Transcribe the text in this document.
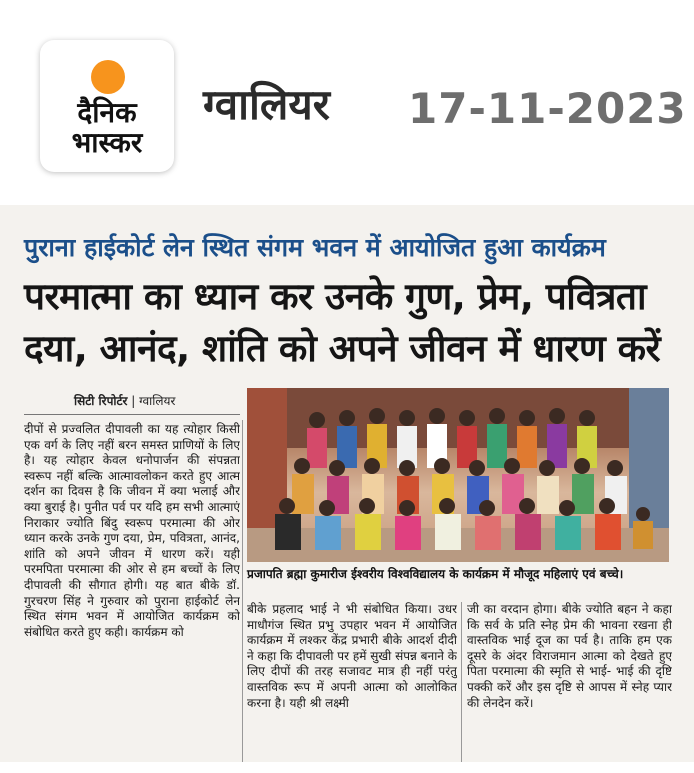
दैनिक
भास्कर
ग्वालियर 17-11-2023
पुराना हाईकोर्ट लेन स्थित संगम भवन में आयोजित हुआ कार्यक्रम
परमात्मा का ध्यान कर उनके गुण, प्रेम, पवित्रता
दया, आनंद, शांति को अपने जीवन में धारण करें
सिटी रिपोर्टर | ग्वालियर
दीपों से प्रज्वलित दीपावली का यह त्योहार किसी एक वर्ग के लिए नहीं बरन समस्त प्राणियों के लिए है। यह त्योहार केवल धनोपार्जन की संपन्नता स्वरूप नहीं बल्कि आत्मावलोकन करते हुए आत्म दर्शन का दिवस है कि जीवन में क्या भलाई और क्या बुराई है। पुनीत पर्व पर यदि हम सभी आत्माएं निराकार ज्योति बिंदु स्वरूप परमात्मा की ओर ध्यान करके उनके गुण दया, प्रेम, पवित्रता, आनंद, शांति को अपने जीवन में धारण करें। यही परमपिता परमात्मा की ओर से हम बच्चों के लिए दीपावली की सौगात होगी। यह बात बीके डॉ. गुरचरण सिंह ने गुरुवार को पुराना हाईकोर्ट लेन स्थित संगम भवन में आयोजित कार्यक्रम को संबोधित करते हुए कही। कार्यक्रम को
प्रजापति ब्रह्मा कुमारीज ईश्वरीय विश्वविद्यालय के कार्यक्रम में मौजूद महिलाएं एवं बच्चे।
बीके प्रहलाद भाई ने भी संबोधित किया। उधर माधौगंज स्थित प्रभु उपहार भवन में आयोजित कार्यक्रम में लश्कर केंद्र प्रभारी बीके आदर्श दीदी ने कहा कि दीपावली पर हमें सुखी संपन्न बनाने के लिए दीपों की तरह सजावट मात्र ही नहीं परंतु वास्तविक रूप में अपनी आत्मा को आलोकित करना है। यही श्री लक्ष्मी
जी का वरदान होगा। बीके ज्योति बहन ने कहा कि सर्व के प्रति स्नेह प्रेम की भावना रखना ही वास्तविक भाई दूज का पर्व है। ताकि हम एक दूसरे के अंदर विराजमान आत्मा को देखते हुए पिता परमात्मा की स्मृति से भाई- भाई की दृष्टि पक्की करें और इस दृष्टि से आपस में स्नेह प्यार की लेनदेन करें।
